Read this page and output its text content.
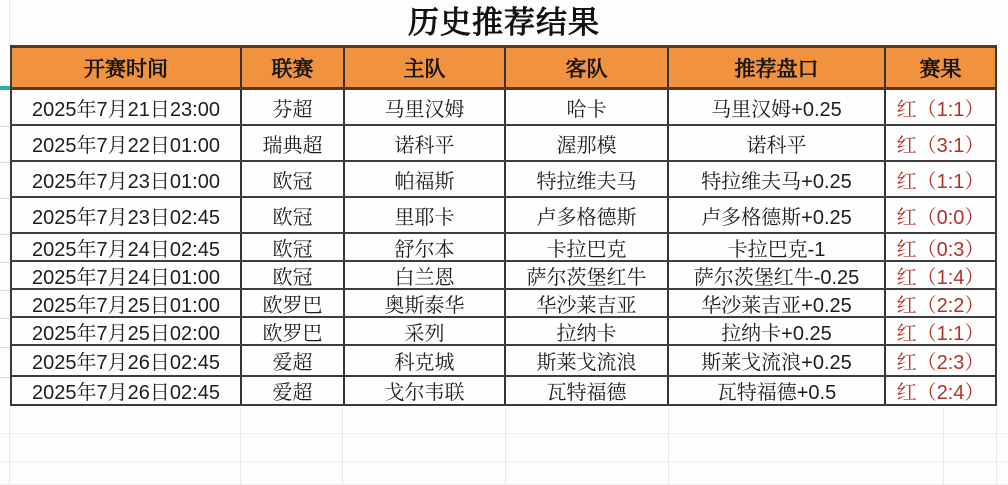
历史推荐结果
开赛时间	联赛	主队	客队	推荐盘口	赛果
2025年7月21日23:00	芬超	马里汉姆	哈卡	马里汉姆+0.25	红（1:1）
2025年7月22日01:00	瑞典超	诺科平	渥那模	诺科平	红（3:1）
2025年7月23日01:00	欧冠	帕福斯	特拉维夫马	特拉维夫马+0.25	红（1:1）
2025年7月23日02:45	欧冠	里耶卡	卢多格德斯	卢多格德斯+0.25	红（0:0）
2025年7月24日02:45	欧冠	舒尔本	卡拉巴克	卡拉巴克-1	红（0:3）
2025年7月24日01:00	欧冠	白兰恩	萨尔茨堡红牛	萨尔茨堡红牛-0.25	红（1:4）
2025年7月25日01:00	欧罗巴	奥斯泰华	华沙莱吉亚	华沙莱吉亚+0.25	红（2:2）
2025年7月25日02:00	欧罗巴	采列	拉纳卡	拉纳卡+0.25	红（1:1）
2025年7月26日02:45	爱超	科克城	斯莱戈流浪	斯莱戈流浪+0.25	红（2:3）
2025年7月26日02:45	爱超	戈尔韦联	瓦特福德	瓦特福德+0.5	红（2:4）
